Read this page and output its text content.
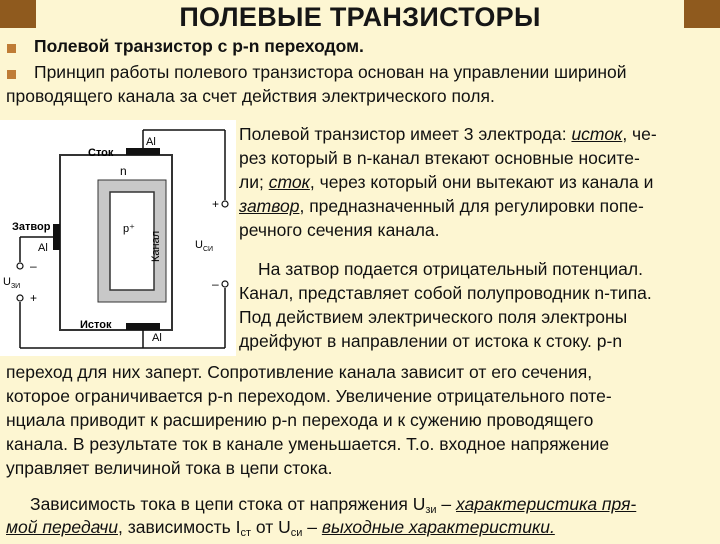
ПОЛЕВЫЕ ТРАНЗИСТОРЫ
Полевой транзистор с p-n переходом.
Принцип работы полевого транзистора основан на управлении шириной
проводящего канала за счет действия электрического поля.
Сток
Al
n
p⁺
Затвор
Al	Канал
$U_{ЗИ}$
–
+
+
–
$U_{СИ}$
Исток
Al
Полевой транзистор имеет 3 электрода: исток, че-
рез который в n-канал втекают основные носите-
ли; сток, через который они вытекают из канала и
затвор, предназначенный для регулировки попе-
речного сечения канала.
На затвор подается отрицательный потенциал.
Канал, представляет собой полупроводник n-типа.
Под действием электрического поля электроны
дрейфуют в направлении от истока к стоку. p-n
переход для них заперт. Сопротивление канала зависит от его сечения,
которое ограничивается p-n переходом. Увеличение отрицательного поте-
нциала приводит к расширению p-n перехода и к сужению проводящего
канала. В результате ток в канале уменьшается. Т.о. входное напряжение
управляет величиной тока в цепи стока.
Зависимость тока в цепи стока от напряжения $U_{зи}$ – характеристика пря-
мой передачи, зависимость $I_{ст}$ от $U_{си}$ – выходные характеристики.
